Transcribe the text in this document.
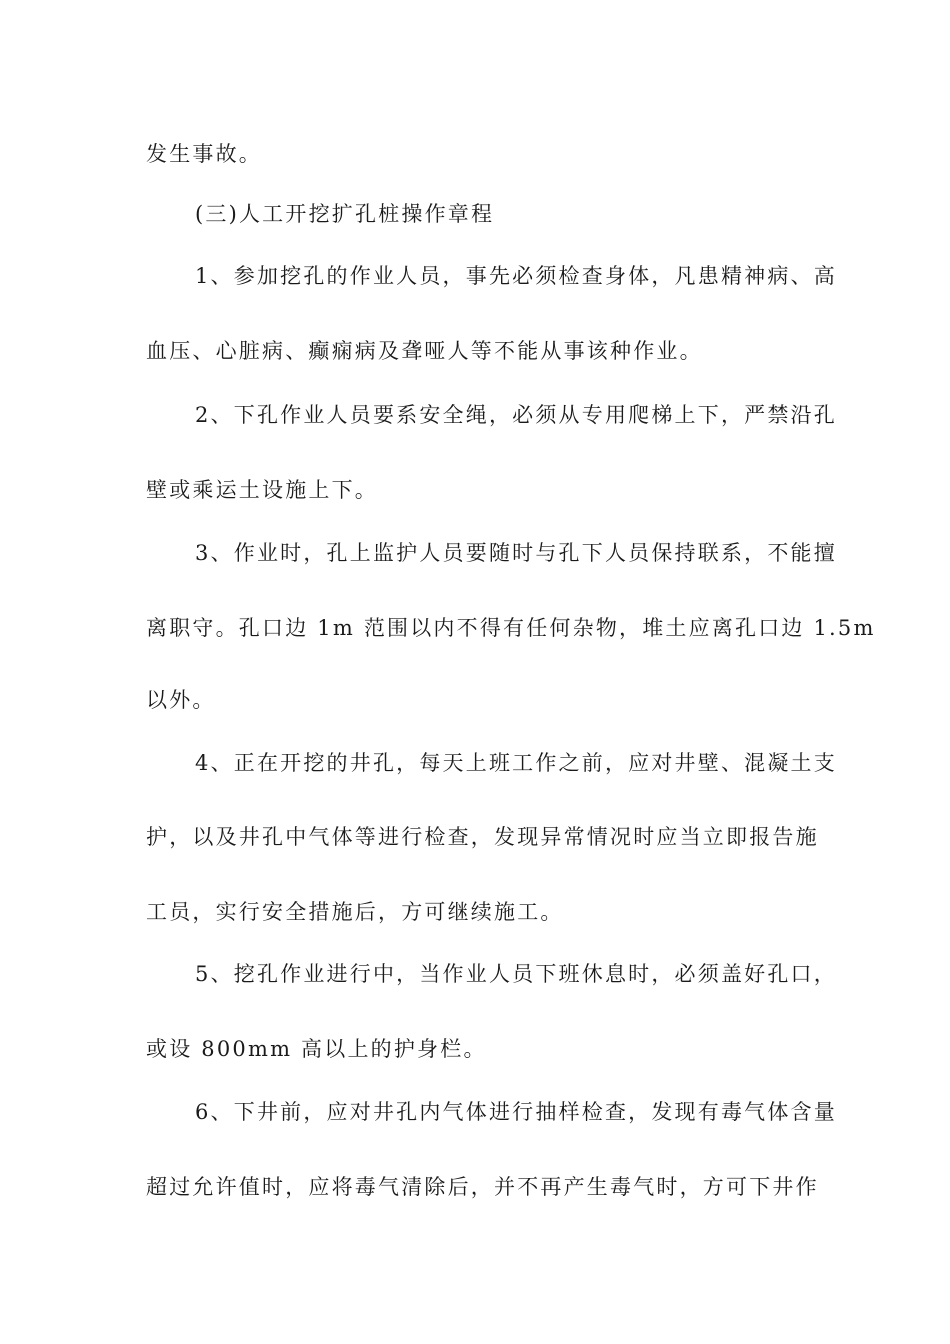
发生事故。
(三)人工开挖扩孔桩操作章程
1、参加挖孔的作业人员，事先必须检查身体，凡患精神病、高
血压、心脏病、癫痫病及聋哑人等不能从事该种作业。
2、下孔作业人员要系安全绳，必须从专用爬梯上下，严禁沿孔
壁或乘运土设施上下。
3、作业时，孔上监护人员要随时与孔下人员保持联系，不能擅
离职守。孔口边 1m 范围以内不得有任何杂物，堆土应离孔口边 1.5m
以外。
4、正在开挖的井孔，每天上班工作之前，应对井壁、混凝土支
护，以及井孔中气体等进行检查，发现异常情况时应当立即报告施
工员，实行安全措施后，方可继续施工。
5、挖孔作业进行中，当作业人员下班休息时，必须盖好孔口，
或设 800mm 高以上的护身栏。
6、下井前，应对井孔内气体进行抽样检查，发现有毒气体含量
超过允许值时，应将毒气清除后，并不再产生毒气时，方可下井作
